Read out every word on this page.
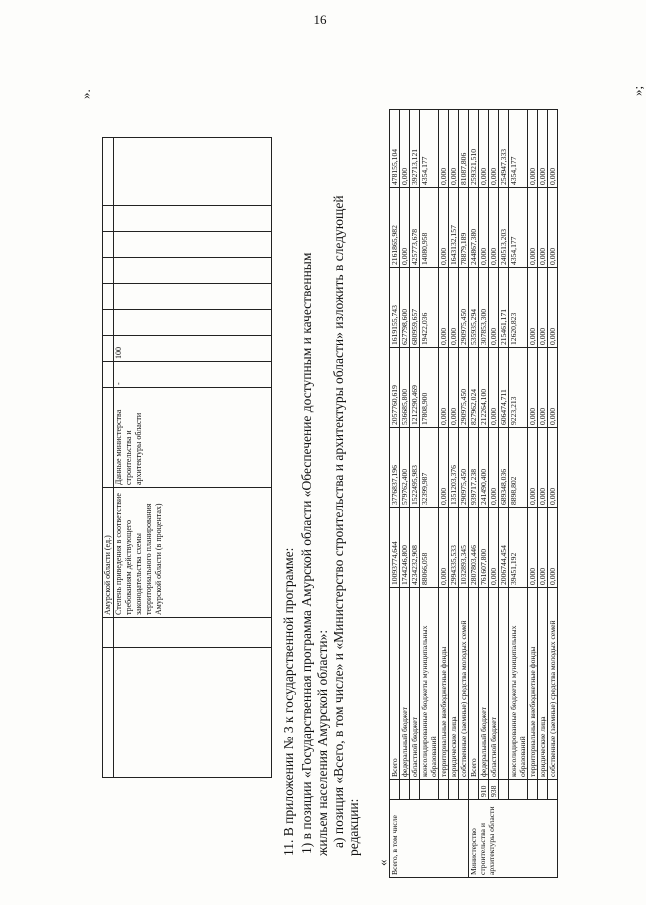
16
		Амурской области (ед.)									
		Степень приведения в соответствие требованиям действующего законодательства схемы территориального планирования Амурской области (в процентах)	Данные министерства строительства и архитектуры области	-	100						
».
11. В приложении № 3 к государственной программе: 1) в позиции «Государственная программа Амурской области «Обеспечение доступным и качественным жильем населения Амурской области»: а) позиция «Всего, в том числе» и «Министерство строительства и архитектуры области» изложить в следующей редакции:
« Всего, в том числе		Всего	10093774,644	3776837,196	2057760,619	1619155,743	2161865,982	478155,104
		федеральный бюджет	1744246,800	579762,400	536685,800	627798,600	0,000	0,000
		областной бюджет	4234232,908	1522495,983	1212290,469	680959,657	425773,678	392713,121
		консолидированные бюджеты муниципальных образований	88066,058	32399,987	17808,900	19422,036	14080,958	4354,177
		территориальные внебюджетные фонды	0,000	0,000	0,000	0,000	0,000	0,000
		юридические лица	2994335,533	1351203,376	0,000	0,000	1643132,157	0,000
		собственные (заемные) средства молодых семей	1032893,345	290975,450	290975,450	290975,450	78879,189	81087,806
Министерство строительства и архитектуры области		Всего	2807803,446	939717,238	827962,024	535935,294	244867,380	259321,510
	910	федеральный бюджет	761607,800	241490,400	212264,100	307853,300	0,000	0,000
	938	областной бюджет	0,000	0,000	0,000	0,000	0,000	0,000
			2006744,454	689348,036	606474,711	215461,171	240513,203	254947,333
		консолидированные бюджеты муниципальных образований	39451,192	8898,802	9223,213	12620,823	4354,177	4354,177
		территориальные внебюджетные фонды	0,000	0,000	0,000	0,000	0,000	0,000
		юридические лица	0,000	0,000	0,000	0,000	0,000	0,000
		собственные (заемные) средства молодых семей	0,000	0,000	0,000	0,000	0,000	0,000
»;
